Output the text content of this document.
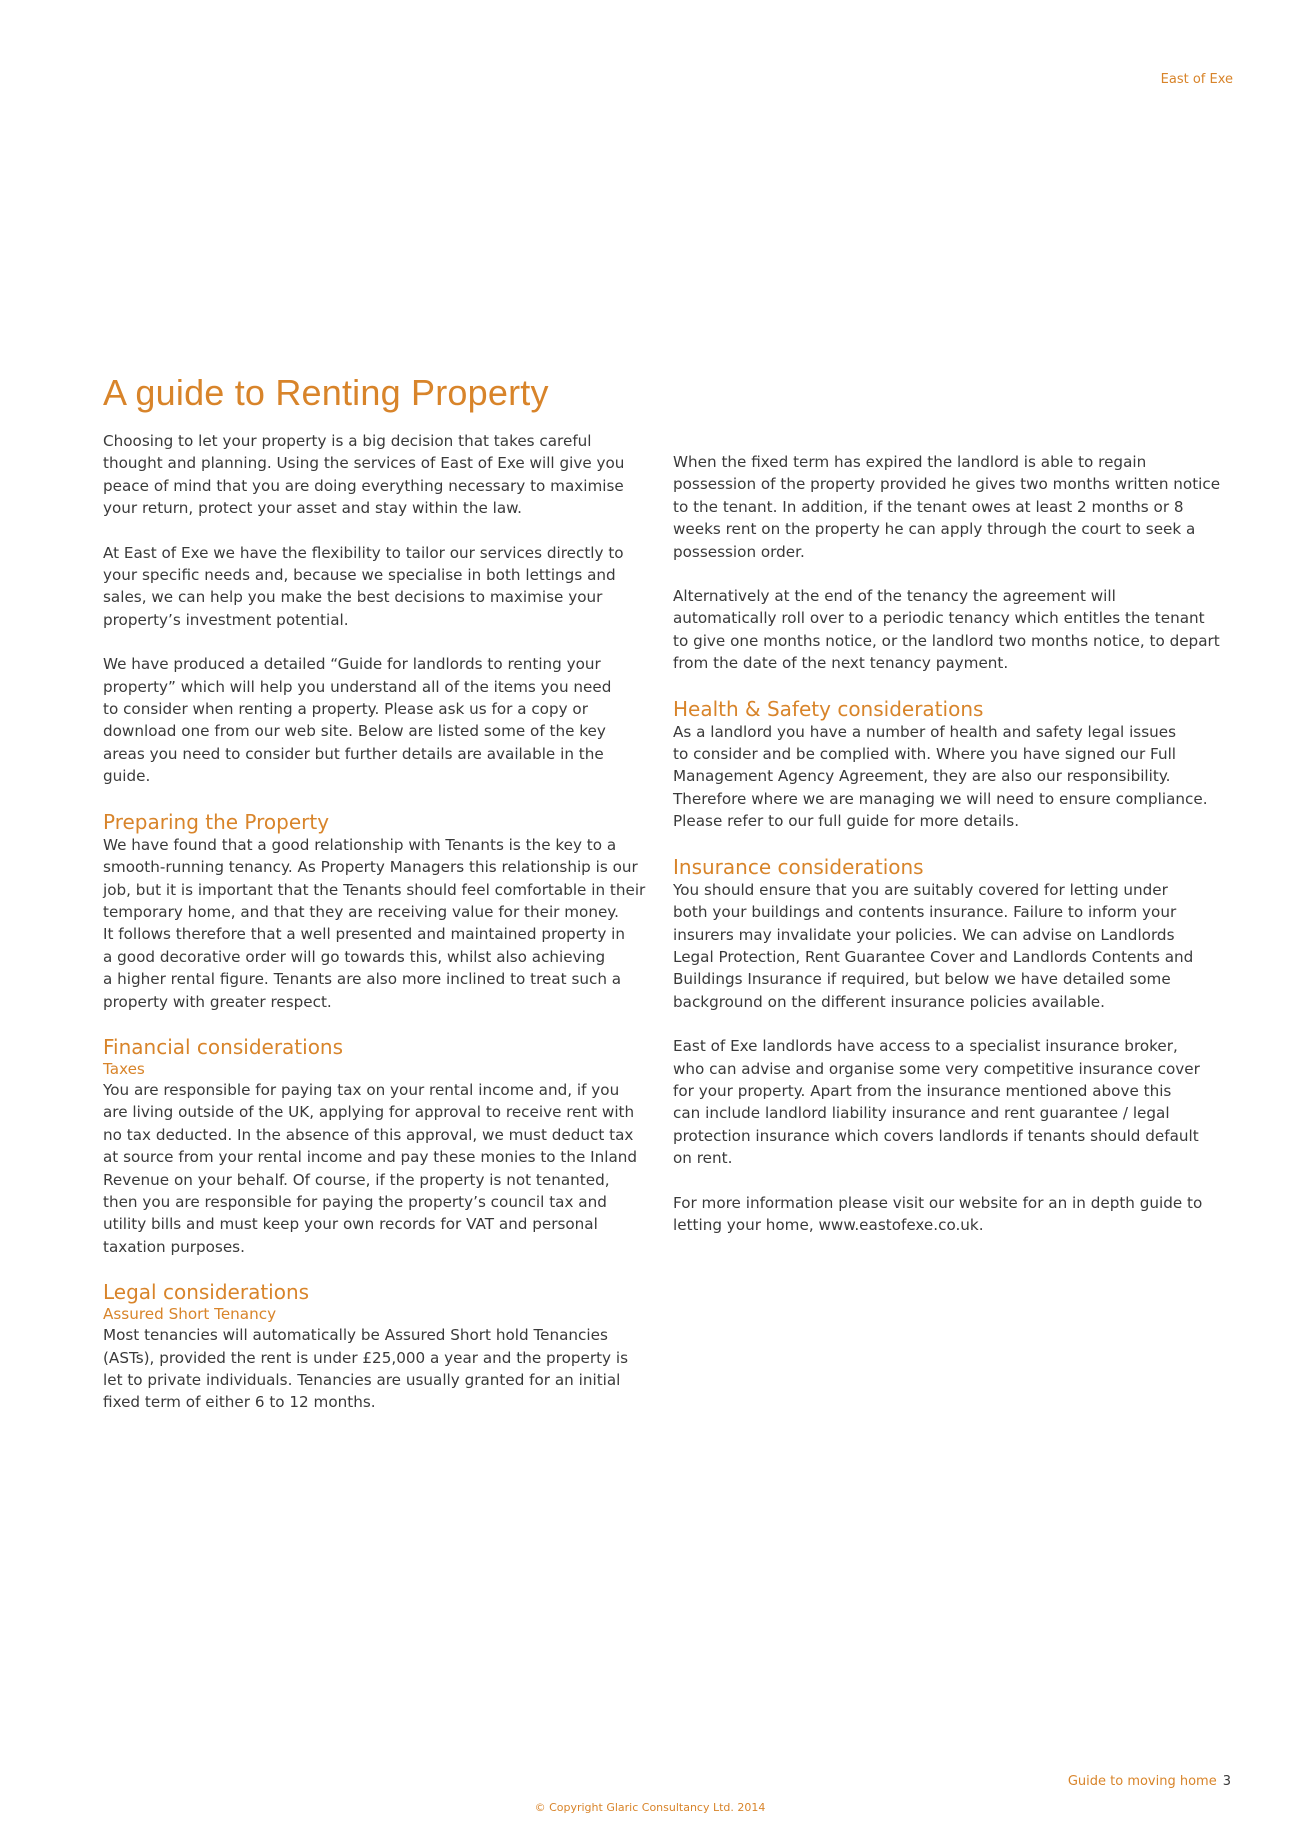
East of Exe
A guide to Renting Property

Choosing to let your property is a big decision that takes careful
thought and planning. Using the services of East of Exe will give you
peace of mind that you are doing everything necessary to maximise
your return, protect your asset and stay within the law.

At East of Exe we have the flexibility to tailor our services directly to
your specific needs and, because we specialise in both lettings and
sales, we can help you make the best decisions to maximise your
property’s investment potential.

We have produced a detailed “Guide for landlords to renting your
property” which will help you understand all of the items you need
to consider when renting a property. Please ask us for a copy or
download one from our web site. Below are listed some of the key
areas you need to consider but further details are available in the
guide.

Preparing the Property

We have found that a good relationship with Tenants is the key to a
smooth-running tenancy. As Property Managers this relationship is our
job, but it is important that the Tenants should feel comfortable in their
temporary home, and that they are receiving value for their money.
It follows therefore that a well presented and maintained property in
a good decorative order will go towards this, whilst also achieving
a higher rental figure. Tenants are also more inclined to treat such a
property with greater respect.

Financial considerations
Taxes

You are responsible for paying tax on your rental income and, if you
are living outside of the UK, applying for approval to receive rent with
no tax deducted. In the absence of this approval, we must deduct tax
at source from your rental income and pay these monies to the Inland
Revenue on your behalf. Of course, if the property is not tenanted,
then you are responsible for paying the property’s council tax and
utility bills and must keep your own records for VAT and personal
taxation purposes.

Legal considerations
Assured Short Tenancy

Most tenancies will automatically be Assured Short hold Tenancies
(ASTs), provided the rent is under £25,000 a year and the property is
let to private individuals. Tenancies are usually granted for an initial
fixed term of either 6 to 12 months.

When the fixed term has expired the landlord is able to regain
possession of the property provided he gives two months written notice
to the tenant. In addition, if the tenant owes at least 2 months or 8
weeks rent on the property he can apply through the court to seek a
possession order.

Alternatively at the end of the tenancy the agreement will
automatically roll over to a periodic tenancy which entitles the tenant
to give one months notice, or the landlord two months notice, to depart
from the date of the next tenancy payment.

Health & Safety considerations

As a landlord you have a number of health and safety legal issues
to consider and be complied with. Where you have signed our Full
Management Agency Agreement, they are also our responsibility.
Therefore where we are managing we will need to ensure compliance.
Please refer to our full guide for more details.

Insurance considerations

You should ensure that you are suitably covered for letting under
both your buildings and contents insurance. Failure to inform your
insurers may invalidate your policies. We can advise on Landlords
Legal Protection, Rent Guarantee Cover and Landlords Contents and
Buildings Insurance if required, but below we have detailed some
background on the different insurance policies available.

East of Exe landlords have access to a specialist insurance broker,
who can advise and organise some very competitive insurance cover
for your property. Apart from the insurance mentioned above this
can include landlord liability insurance and rent guarantee / legal
protection insurance which covers landlords if tenants should default
on rent.

For more information please visit our website for an in depth guide to
letting your home, www.eastofexe.co.uk.

Guide to moving home 3
© Copyright Glaric Consultancy Ltd. 2014
